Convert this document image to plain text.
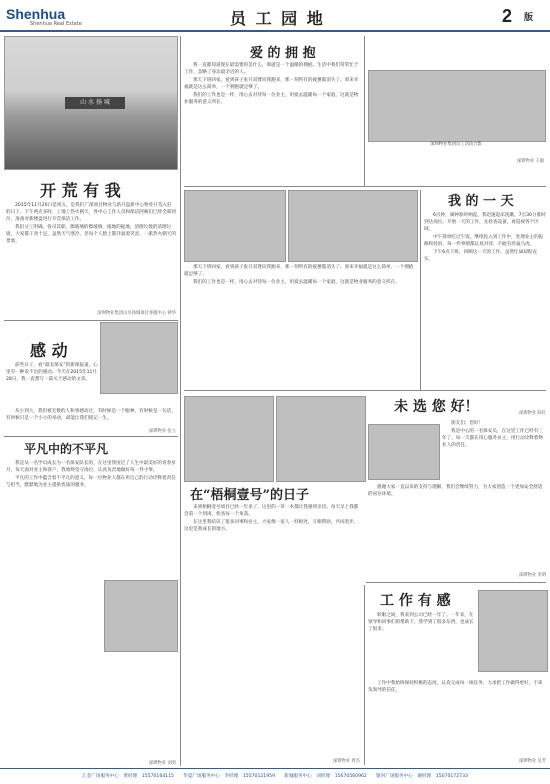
Shenhua
Shenhua Real Estate	员 工 园 地	2 版
山 水 扬 城
开 荒 有 我

2015年11月20日是周五，是我们广深项目物业与新开盘新中心物业开荒入驻的日子。下午两点多时，工地上热火朝天，各中心工作人员和保洁阿姨们已经全部到位，准备对新楼盘进行开荒保洁工作。

我们分工明确、各司其职，擦玻璃的擦玻璃，拖地的拖地，清理垃圾的清理垃圾，大家都干劲十足。虽然天气寒冷，但每个人脸上都洋溢着笑容，一派热火朝天的景象。

深圳物业集团山水扬城项目客服中心 钟华
感 动

前些日子，看“最美保安”的新闻报道，心里有一种说不出的感动。今天在2015年11月28日，我一直想写一篇关于感动的文章。

从小到大，我们被无数的人和事感动过，有时候是一个眼神，有时候是一句话，有时候只是一个小小的举动，却能让我们铭记一生。

深圳物业 张立
平凡中的不平凡

我是从一名学员成长为一名保安队长的，在这里我度过了人生中最美好的青春岁月。每天面对业主和客户，我始终坚守岗位，认真负责地做好每一件小事。

平凡的工作中蕴含着不平凡的意义，每一位物业人都在用自己的行动诠释着责任与担当，默默地为业主提供优质的服务。

深圳物业 刘勇
爱 的 拥 抱

我一直都知道现在最需要的是什么，那就是一个温暖的拥抱。生活中我们常常忙于工作，忽略了身边最亲近的人。

那天下班回家，看到孩子张开双臂向我跑来，那一刻所有的疲惫都消失了。原来幸福就是这么简单，一个拥抱就足够了。

我们的工作也是一样，用心去对待每一位业主，用爱去温暖每一个家庭，这就是物业服务的意义所在。

深圳物业集团员工活动合影
深圳物业 王敏
我 的 一 天

6点钟，闹钟准时响起，我迅速起床洗漱，7点30分准时到达岗位。开始一天的工作，先检查设备，再巡视各个区域。

中午简单吃过午饭，继续投入到工作中，处理业主的报修和投诉，每一件事情都认真对待，不敢有丝毫马虎。

下午6点下班，回顾这一天的工作，虽然忙碌却很充实。

深圳物业 陈红

那天下班回家，看到孩子张开双臂向我跑来，那一刻所有的疲惫都消失了。原来幸福就是这么简单，一个拥抱就足够了。

我们的工作也是一样，用心去对待每一位业主，用爱去温暖每一个家庭，这就是物业服务的意义所在。

在“梧桐壹号”的日子

来到梧桐壹号项目已经一年多了，这里的一草一木都让我感到亲切。每天早上我都会第一个到岗，检查每一个角落。

在这里我结识了很多同事和业主，大家像一家人一样相处，互相帮助，共同进步。这里是我成长的地方。

深圳物业 周杰
未 选 您 好！

朋友们：您好！

我是中心的一名保安员，在这里工作已经有三年了。每一天都在用心服务业主，用行动诠释着物业人的责任。

感谢大家一直以来的支持与理解，我们会继续努力，为大家创造一个更加安全舒适的居住环境。

深圳物业 李明
工 作 有 感

转眼之间，我来到公司已经一年了。一年来，在领导和同事们的帮助下，我学到了很多东西，也成长了很多。

工作中我始终保持积极的态度，认真完成每一项任务，力求把工作做得更好，不辜负领导的信任。

深圳物业 吴芳
汇金广场服务中心　黄经理　15570164115　　华夏广场服务中心　李经理　15570121959　　新城服务中心　刘经理　15670560962　　银河广场服务中心　谢经理　15070172733
